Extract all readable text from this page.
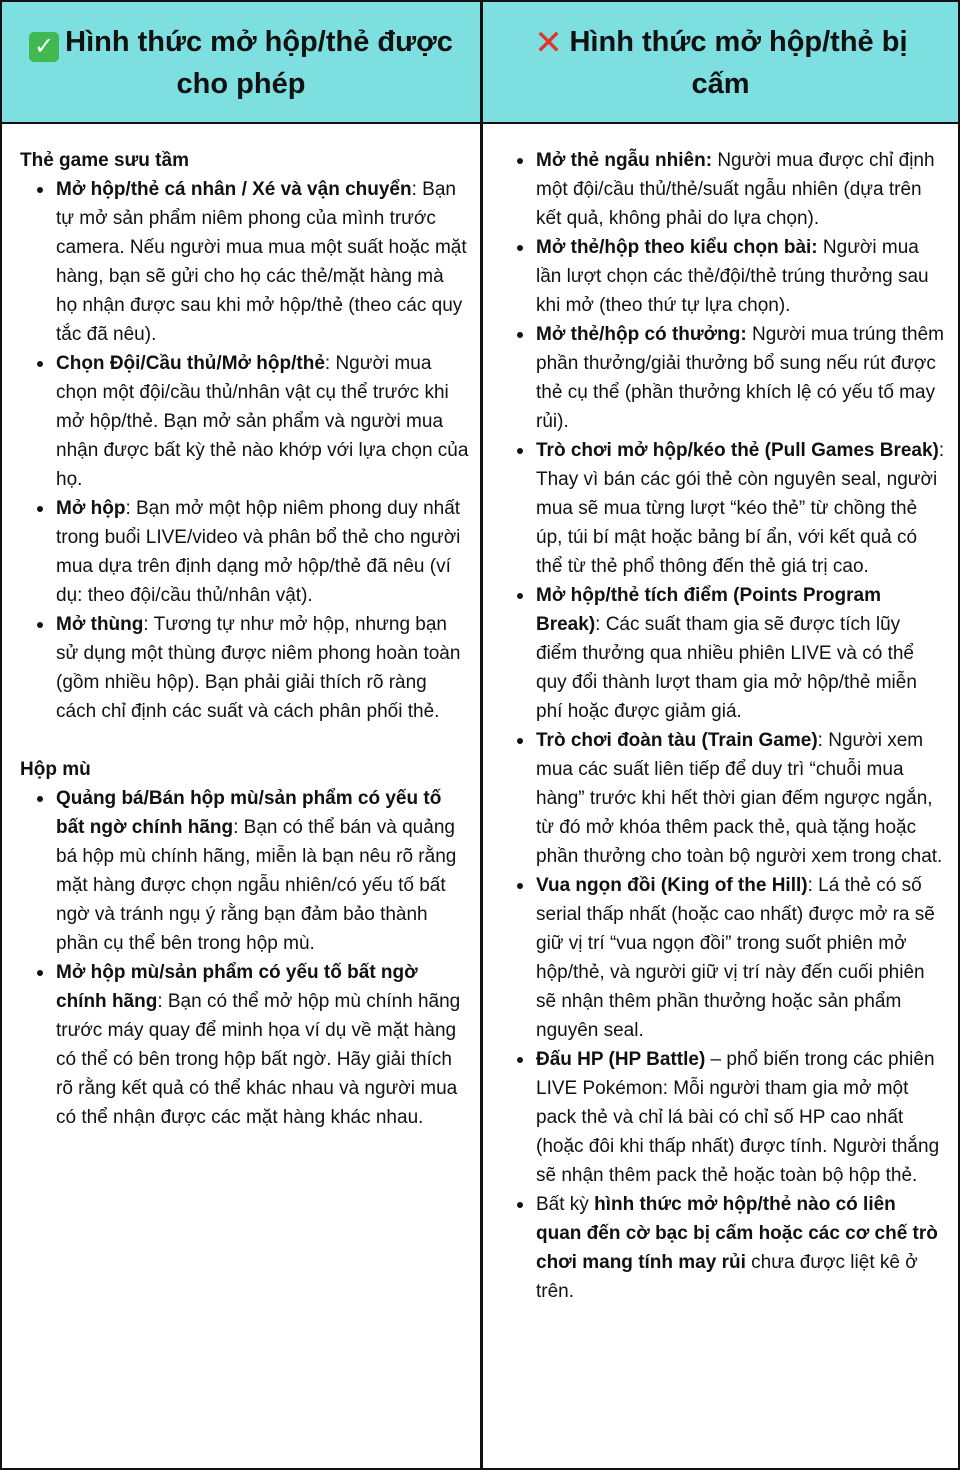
✓ Hình thức mở hộp/thẻ được cho phép
✕ Hình thức mở hộp/thẻ bị cấm
Thẻ game sưu tầm
Mở hộp/thẻ cá nhân / Xé và vận chuyển: Bạn tự mở sản phẩm niêm phong của mình trước camera. Nếu người mua mua một suất hoặc mặt hàng, bạn sẽ gửi cho họ các thẻ/mặt hàng mà họ nhận được sau khi mở hộp/thẻ (theo các quy tắc đã nêu).
Chọn Đội/Cầu thủ/Mở hộp/thẻ: Người mua chọn một đội/cầu thủ/nhân vật cụ thể trước khi mở hộp/thẻ. Bạn mở sản phẩm và người mua nhận được bất kỳ thẻ nào khớp với lựa chọn của họ.
Mở hộp: Bạn mở một hộp niêm phong duy nhất trong buổi LIVE/video và phân bổ thẻ cho người mua dựa trên định dạng mở hộp/thẻ đã nêu (ví dụ: theo đội/cầu thủ/nhân vật).
Mở thùng: Tương tự như mở hộp, nhưng bạn sử dụng một thùng được niêm phong hoàn toàn (gồm nhiều hộp). Bạn phải giải thích rõ ràng cách chỉ định các suất và cách phân phối thẻ.
Hộp mù
Quảng bá/Bán hộp mù/sản phẩm có yếu tố bất ngờ chính hãng: Bạn có thể bán và quảng bá hộp mù chính hãng, miễn là bạn nêu rõ rằng mặt hàng được chọn ngẫu nhiên/có yếu tố bất ngờ và tránh ngụ ý rằng bạn đảm bảo thành phần cụ thể bên trong hộp mù.
Mở hộp mù/sản phẩm có yếu tố bất ngờ chính hãng: Bạn có thể mở hộp mù chính hãng trước máy quay để minh họa ví dụ về mặt hàng có thể có bên trong hộp bất ngờ. Hãy giải thích rõ rằng kết quả có thể khác nhau và người mua có thể nhận được các mặt hàng khác nhau.
Mở thẻ ngẫu nhiên: Người mua được chỉ định một đội/cầu thủ/thẻ/suất ngẫu nhiên (dựa trên kết quả, không phải do lựa chọn).
Mở thẻ/hộp theo kiểu chọn bài: Người mua lần lượt chọn các thẻ/đội/thẻ trúng thưởng sau khi mở (theo thứ tự lựa chọn).
Mở thẻ/hộp có thưởng: Người mua trúng thêm phần thưởng/giải thưởng bổ sung nếu rút được thẻ cụ thể (phần thưởng khích lệ có yếu tố may rủi).
Trò chơi mở hộp/kéo thẻ (Pull Games Break): Thay vì bán các gói thẻ còn nguyên seal, người mua sẽ mua từng lượt “kéo thẻ” từ chồng thẻ úp, túi bí mật hoặc bảng bí ẩn, với kết quả có thể từ thẻ phổ thông đến thẻ giá trị cao.
Mở hộp/thẻ tích điểm (Points Program Break): Các suất tham gia sẽ được tích lũy điểm thưởng qua nhiều phiên LIVE và có thể quy đổi thành lượt tham gia mở hộp/thẻ miễn phí hoặc được giảm giá.
Trò chơi đoàn tàu (Train Game): Người xem mua các suất liên tiếp để duy trì “chuỗi mua hàng” trước khi hết thời gian đếm ngược ngắn, từ đó mở khóa thêm pack thẻ, quà tặng hoặc phần thưởng cho toàn bộ người xem trong chat.
Vua ngọn đồi (King of the Hill): Lá thẻ có số serial thấp nhất (hoặc cao nhất) được mở ra sẽ giữ vị trí “vua ngọn đồi” trong suốt phiên mở hộp/thẻ, và người giữ vị trí này đến cuối phiên sẽ nhận thêm phần thưởng hoặc sản phẩm nguyên seal.
Đấu HP (HP Battle) – phổ biến trong các phiên LIVE Pokémon: Mỗi người tham gia mở một pack thẻ và chỉ lá bài có chỉ số HP cao nhất (hoặc đôi khi thấp nhất) được tính. Người thắng sẽ nhận thêm pack thẻ hoặc toàn bộ hộp thẻ.
Bất kỳ hình thức mở hộp/thẻ nào có liên quan đến cờ bạc bị cấm hoặc các cơ chế trò chơi mang tính may rủi chưa được liệt kê ở trên.
